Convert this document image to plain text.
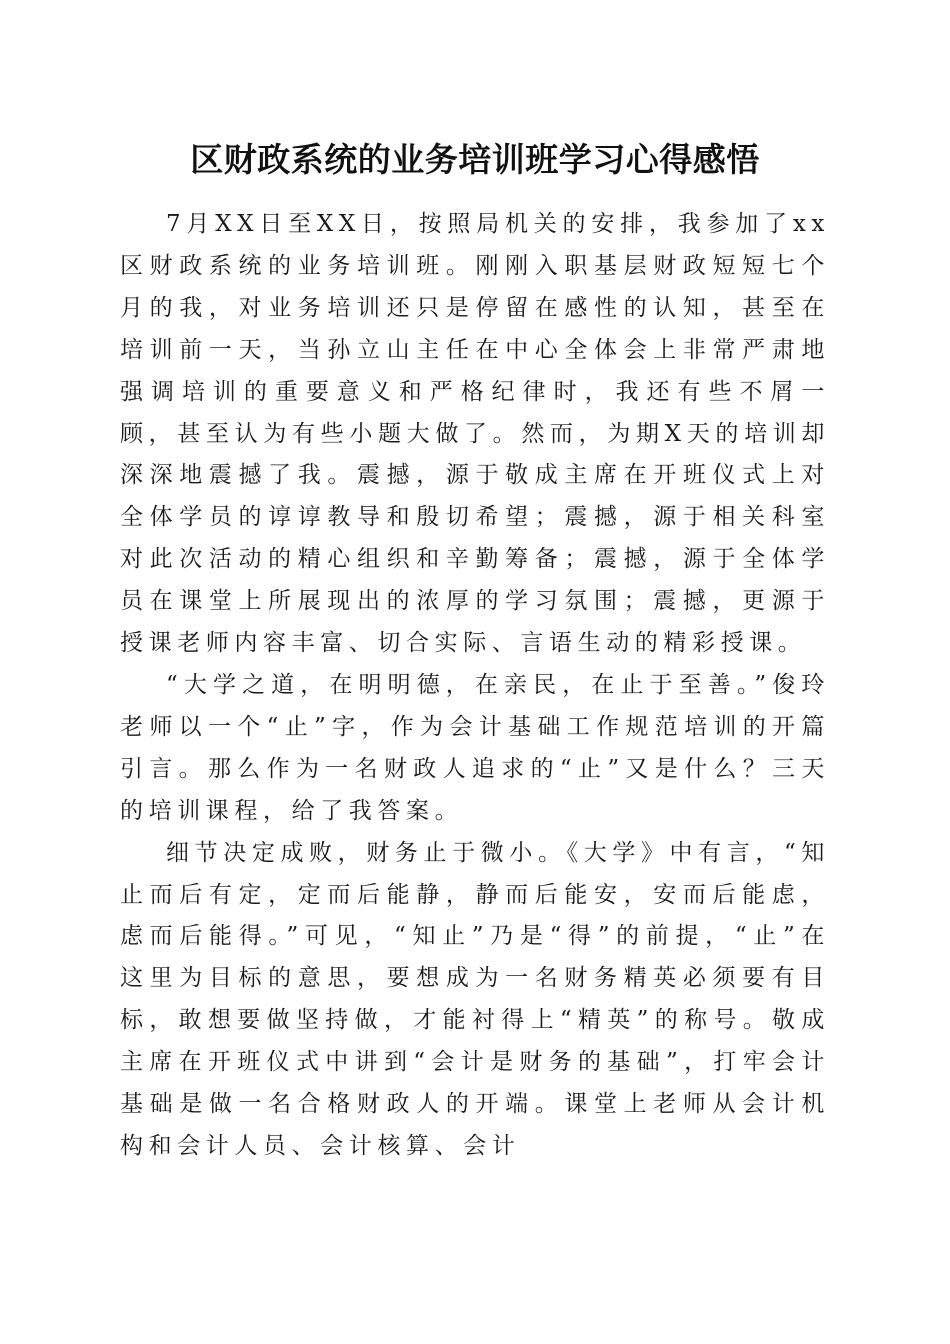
区财政系统的业务培训班学习心得感悟

7月XX日至XX日，按照局机关的安排，我参加了xx区财政系统的业务培训班。刚刚入职基层财政短短七个月的我，对业务培训还只是停留在感性的认知，甚至在培训前一天，当孙立山主任在中心全体会上非常严肃地强调培训的重要意义和严格纪律时，我还有些不屑一顾，甚至认为有些小题大做了。然而，为期X天的培训却深深地震撼了我。震撼，源于敬成主席在开班仪式上对全体学员的谆谆教导和殷切希望；震撼，源于相关科室对此次活动的精心组织和辛勤筹备；震撼，源于全体学员在课堂上所展现出的浓厚的学习氛围；震撼，更源于授课老师内容丰富、切合实际、言语生动的精彩授课。

“大学之道，在明明德，在亲民，在止于至善。”俊玲老师以一个“止”字，作为会计基础工作规范培训的开篇引言。那么作为一名财政人追求的“止”又是什么？三天的培训课程，给了我答案。

细节决定成败，财务止于微小。《大学》中有言，“知止而后有定，定而后能静，静而后能安，安而后能虑，虑而后能得。”可见，“知止”乃是“得”的前提，“止”在这里为目标的意思，要想成为一名财务精英必须要有目标，敢想要做坚持做，才能衬得上“精英”的称号。敬成主席在开班仪式中讲到“会计是财务的基础”，打牢会计基础是做一名合格财政人的开端。课堂上老师从会计机构和会计人员、会计核算、会计
